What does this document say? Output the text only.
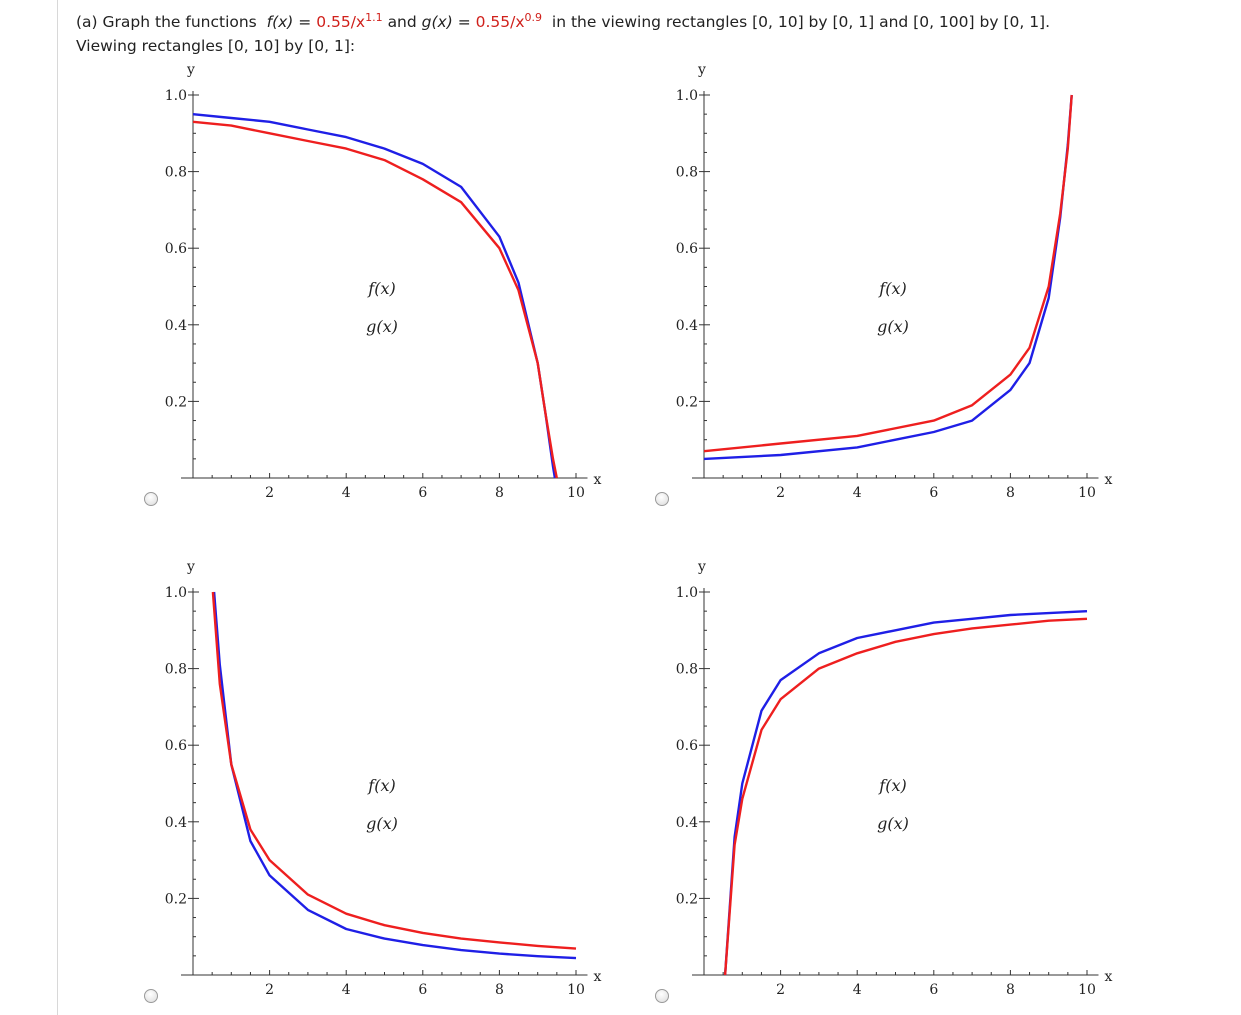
(a) Graph the functions $f(x) = 0.55/x^{1.1}$ and $g(x) = 0.55/x^{0.9}$ in the viewing rectangles [0, 10] by [0, 1] and [0, 100] by [0, 1].
Viewing rectangles [0, 10] by [0, 1]:
2	4	6	8	10
0.2
0.4
0.6
0.8
1.0
x
y
f(x)
g(x)
2	4	6	8	10
0.2
0.4
0.6
0.8
1.0
x
y
f(x)
g(x)
2	4	6	8	10
0.2
0.4
0.6
0.8
1.0
x
y
f(x)
g(x)
2	4	6	8	10
0.2
0.4
0.6
0.8
1.0
x
y
f(x)
g(x)
